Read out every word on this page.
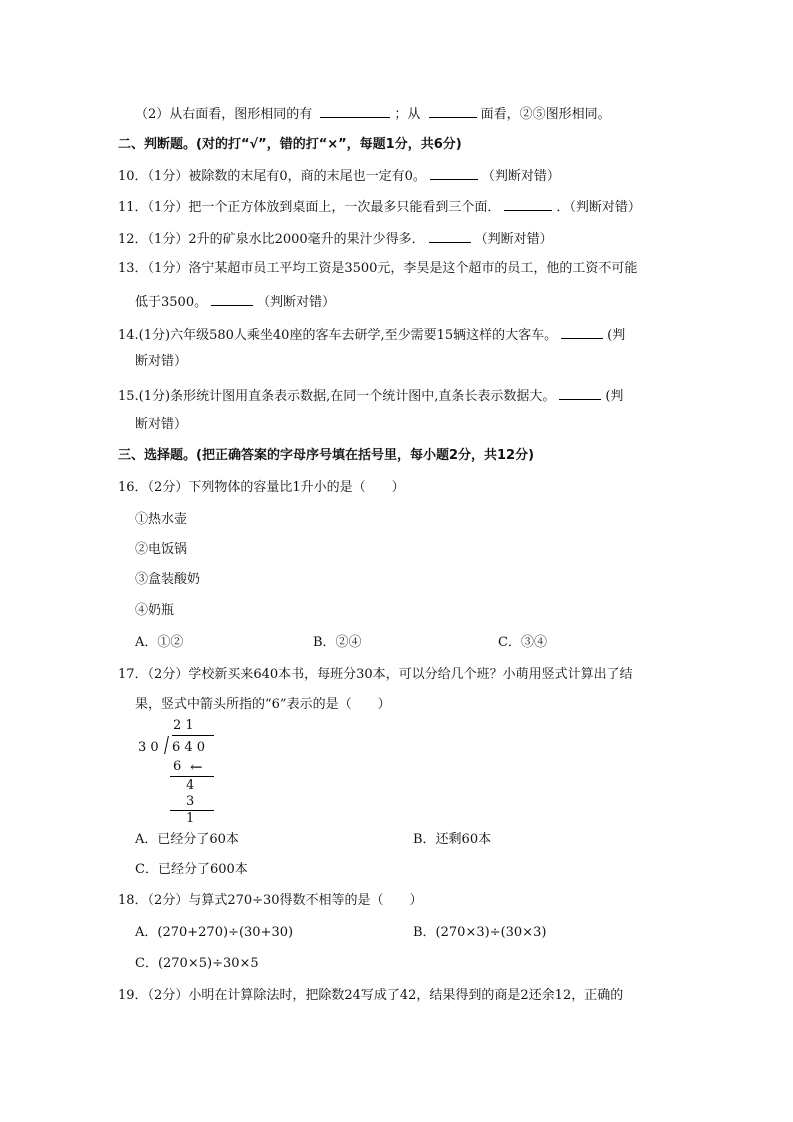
（2）从右面看，图形相同的有	；从	面看，②⑤图形相同。
二、判断题。(对的打“√”，错的打“×”，每题1分，共6分)
10．（1分）被除数的末尾有0，商的末尾也一定有0。	（判断对错）
11．（1分）把一个正方体放到桌面上，一次最多只能看到三个面．	．（判断对错）
12．（1分）2升的矿泉水比2000毫升的果汁少得多．	（判断对错）
13．（1分）洛宁某超市员工平均工资是3500元，李昊是这个超市的员工，他的工资不可能
低于3500。	（判断对错）
14.(1分)六年级580人乘坐40座的客车去研学,至少需要15辆这样的大客车。	(判
断对错）
15.(1分)条形统计图用直条表示数据,在同一个统计图中,直条长表示数据大。	(判
断对错）
三、选择题。(把正确答案的字母序号填在括号里，每小题2分，共12分)
16．（2分）下列物体的容量比1升小的是（　　）
①热水壶
②电饭锅
③盒装酸奶
④奶瓶
A．①②	B．②④	C．③④
17．（2分）学校新买来640本书，每班分30本，可以分给几个班？小萌用竖式计算出了结
果，竖式中箭头所指的“6”表示的是（　　）
2 1
3 0 6 4 0
6 ←
4
3
1
A．已经分了60本	B．还剩60本
C．已经分了600本
18．（2分）与算式270÷30得数不相等的是（　　）
A．(270+270)÷(30+30)	B．(270×3)÷(30×3)
C．(270×5)÷30×5
19．（2分）小明在计算除法时，把除数24写成了42，结果得到的商是2还余12，正确的
